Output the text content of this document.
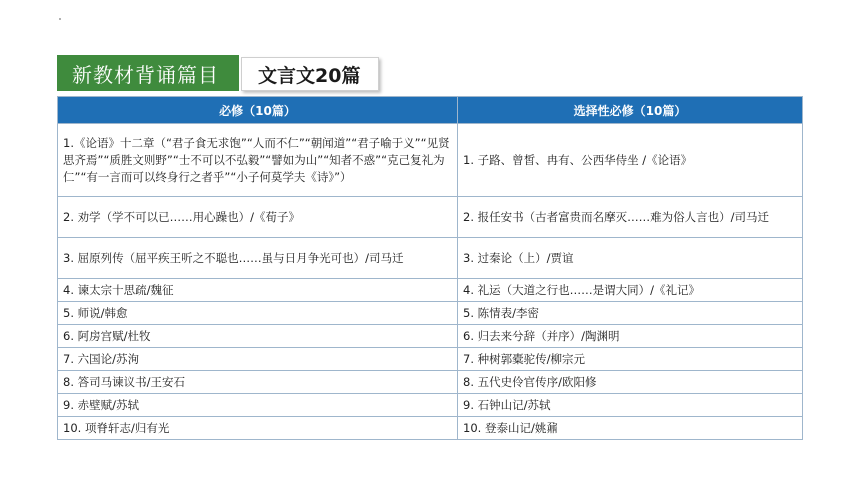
新教材背诵篇目	文言文20篇
必修（10篇）	选择性必修（10篇）
1.《论语》十二章（“君子食无求饱”“人而不仁”“朝闻道”“君子喻于义”“见贤思齐焉”“质胜文则野”“士不可以不弘毅”“譬如为山”“知者不惑”“克己复礼为仁”“有一言而可以终身行之者乎”“小子何莫学夫《诗》”）	1. 子路、曾皙、冉有、公西华侍坐 /《论语》
2. 劝学（学不可以已……用心躁也）/《荀子》	2. 报任安书（古者富贵而名摩灭……难为俗人言也）/司马迁
3. 屈原列传（屈平疾王听之不聪也……虽与日月争光可也）/司马迁	3. 过秦论（上）/贾谊
4. 谏太宗十思疏/魏征	4. 礼运（大道之行也……是谓大同）/《礼记》
5. 师说/韩愈	5. 陈情表/李密
6. 阿房宫赋/杜牧	6. 归去来兮辞（并序）/陶渊明
7. 六国论/苏洵	7. 种树郭橐驼传/柳宗元
8. 答司马谏议书/王安石	8. 五代史伶官传序/欧阳修
9. 赤壁赋/苏轼	9. 石钟山记/苏轼
10. 项脊轩志/归有光	10. 登泰山记/姚鼐
